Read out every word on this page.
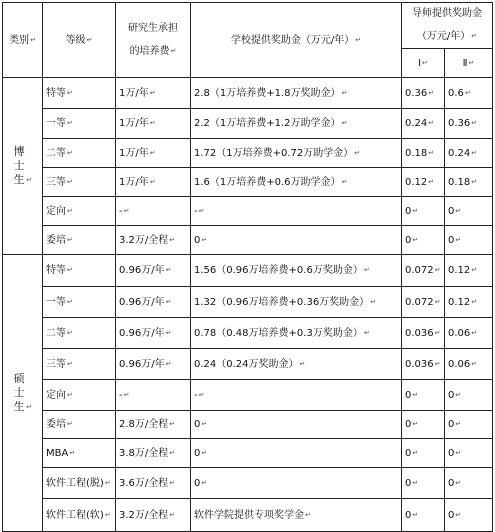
类别↵	等级↵	研究生承担
的培养费↵	学校提供奖助金（万元/年）↵	导师提供奖助金
（万元/年）↵	
				Ⅰ↵	Ⅱ↵
博士生 ↵	特等↵	1万/年↵	2.8（1万培养费+1.8万奖助金）↵	0.36↵	0.6↵
	一等↵	1万/年↵	2.2（1万培养费+1.2万助学金）↵	0.24↵	0.36↵
	二等↵	1万/年↵	1.72（1万培养费+0.72万助学金）↵	0.18↵	0.24↵
	三等↵	1万/年↵	1.6（1万培养费+0.6万助学金）↵	0.12↵	0.18↵
	定向↵	-↵	-↵	0↵	0↵
	委培↵	3.2万/全程↵	0↵	0↵	0↵
硕士生 ↵	特等↵	0.96万/年↵	1.56（0.96万培养费+0.6万奖助金）↵	0.072↵	0.12↵
	一等↵	0.96万/年↵	1.32（0.96万培养费+0.36万奖助金）↵	0.072↵	0.12↵
	二等↵	0.96万/年↵	0.78（0.48万培养费+0.3万奖助金）↵	0.036↵	0.06↵
	三等↵	0.96万/年↵	0.24（0.24万奖助金）↵	0.036↵	0.06↵
	定向↵	-↵	-↵	0↵	0↵
	委培↵	2.8万/全程↵	0↵	0↵	0↵
	MBA↵	3.8万/全程↵	0↵	0↵	0↵
	软件工程(脱)↵	3.6万/全程↵	0↵	0↵	0↵
	软件工程(软)↵	3.2万/全程↵	软件学院提供专项奖学金↵	0↵	0↵
